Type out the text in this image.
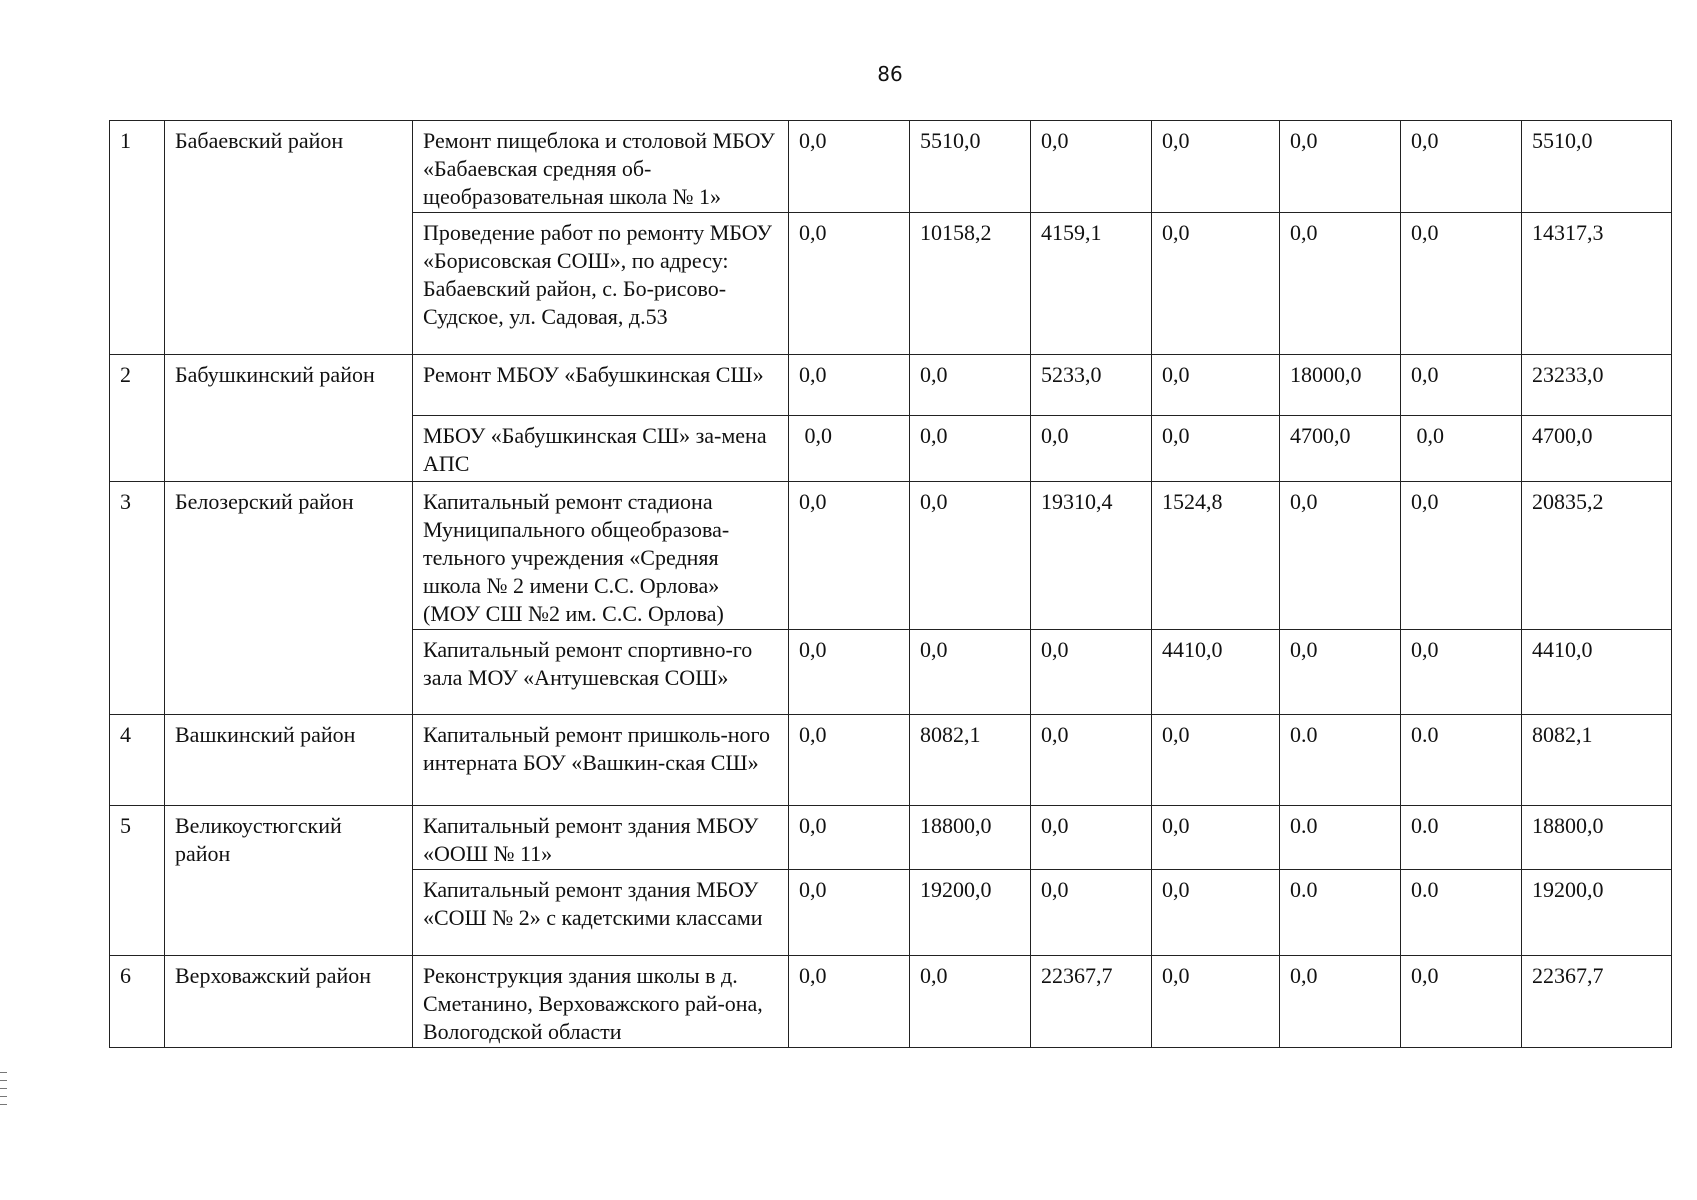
86
1	Бабаевский район	Ремонт пищеблока и столовой МБОУ «Бабаевская средняя об-щеобразовательная школа № 1»	0,0	5510,0	0,0	0,0	0,0	0,0	5510,0
		Проведение работ по ремонту МБОУ «Борисовская СОШ», по адресу: Бабаевский район, с. Бо-рисово-Судское, ул. Садовая, д.53	0,0	10158,2	4159,1	0,0	0,0	0,0	14317,3
2	Бабушкинский район	Ремонт МБОУ «Бабушкинская СШ»	0,0	0,0	5233,0	0,0	18000,0	0,0	23233,0
		МБОУ «Бабушкинская СШ» за-мена АПС	0,0	0,0	0,0	0,0	4700,0	0,0	4700,0
3	Белозерский район	Капитальный ремонт стадиона Муниципального общеобразова-тельного учреждения «Средняя школа № 2 имени С.С. Орлова» (МОУ СШ №2 им. С.С. Орлова)	0,0	0,0	19310,4	1524,8	0,0	0,0	20835,2
		Капитальный ремонт спортивно-го зала МОУ «Антушевская СОШ»	0,0	0,0	0,0	4410,0	0,0	0,0	4410,0
4	Вашкинский район	Капитальный ремонт пришколь-ного интерната БОУ «Вашкин-ская СШ»	0,0	8082,1	0,0	0,0	0.0	0.0	8082,1
5	Великоустюгский район	Капитальный ремонт здания МБОУ «ООШ № 11»	0,0	18800,0	0,0	0,0	0.0	0.0	18800,0
		Капитальный ремонт здания МБОУ «СОШ № 2» с кадетскими классами	0,0	19200,0	0,0	0,0	0.0	0.0	19200,0
6	Верховажский район	Реконструкция здания школы в д. Сметанино, Верховажского рай-она, Вологодской области	0,0	0,0	22367,7	0,0	0,0	0,0	22367,7
